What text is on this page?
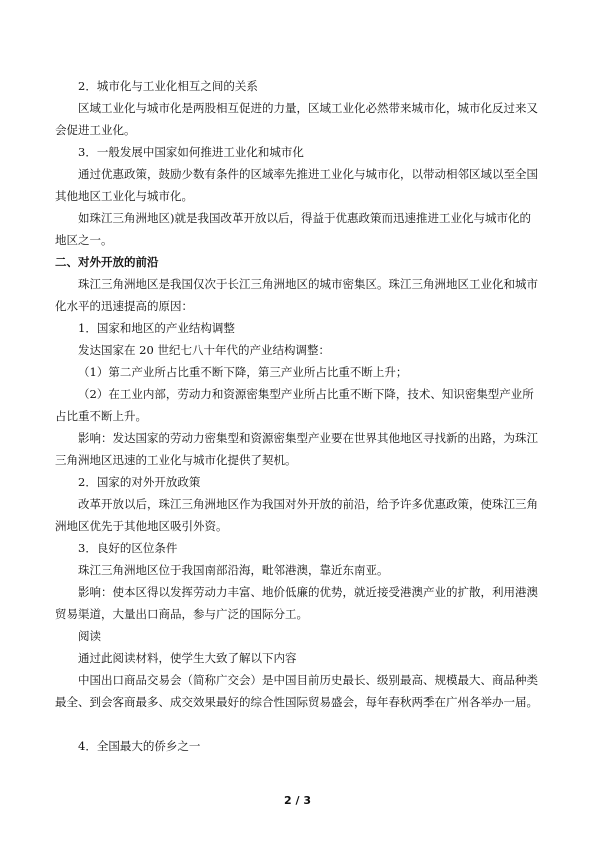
2．城市化与工业化相互之间的关系

区域工业化与城市化是两股相互促进的力量，区域工业化必然带来城市化，城市化反过来又会促进工业化。

3．一般发展中国家如何推进工业化和城市化

通过优惠政策，鼓励少数有条件的区域率先推进工业化与城市化，以带动相邻区域以至全国其他地区工业化与城市化。

如珠江三角洲地区)就是我国改革开放以后，得益于优惠政策而迅速推进工业化与城市化的地区之一。

二、对外开放的前沿

珠江三角洲地区是我国仅次于长江三角洲地区的城市密集区。珠江三角洲地区工业化和城市化水平的迅速提高的原因：

1．国家和地区的产业结构调整

发达国家在 20 世纪七八十年代的产业结构调整：

（1）第二产业所占比重不断下降，第三产业所占比重不断上升；

（2）在工业内部，劳动力和资源密集型产业所占比重不断下降，技术、知识密集型产业所占比重不断上升。

影响：发达国家的劳动力密集型和资源密集型产业要在世界其他地区寻找新的出路，为珠江三角洲地区迅速的工业化与城市化提供了契机。

2．国家的对外开放政策

改革开放以后，珠江三角洲地区作为我国对外开放的前沿，给予许多优惠政策，使珠江三角洲地区优先于其他地区吸引外资。

3．良好的区位条件

珠江三角洲地区位于我国南部沿海，毗邻港澳，靠近东南亚。

影响：使本区得以发挥劳动力丰富、地价低廉的优势，就近接受港澳产业的扩散，利用港澳贸易渠道，大量出口商品，参与广泛的国际分工。

阅读

通过此阅读材料，使学生大致了解以下内容

中国出口商品交易会（简称广交会）是中国目前历史最长、级别最高、规模最大、商品种类最全、到会客商最多、成交效果最好的综合性国际贸易盛会，每年春秋两季在广州各举办一届。

4．全国最大的侨乡之一

2 / 3
